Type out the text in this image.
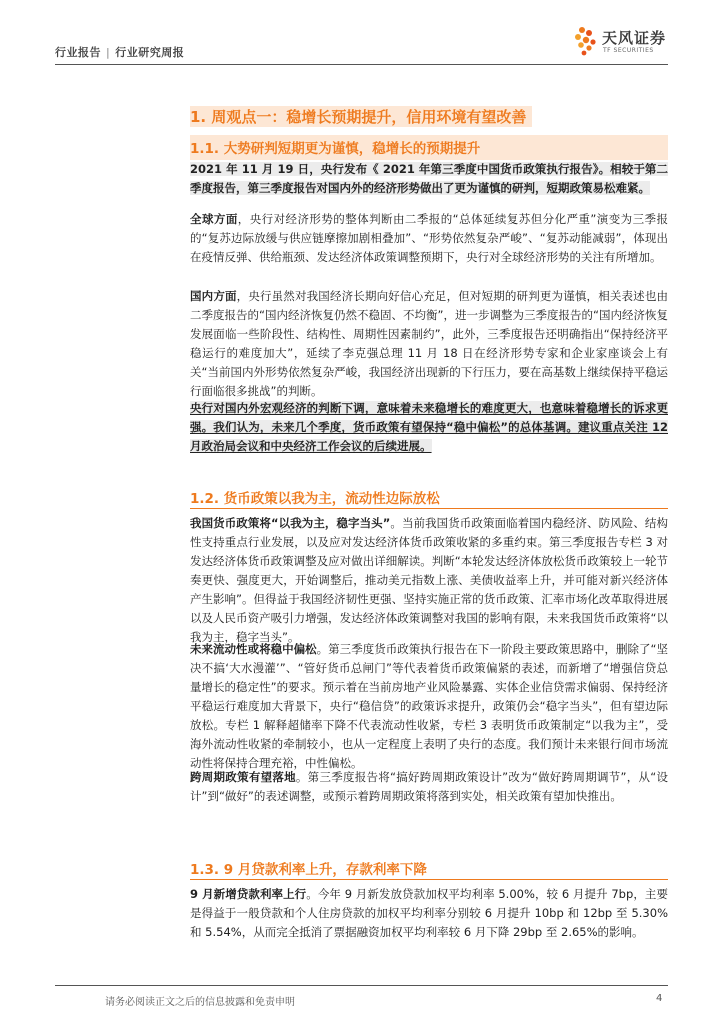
行业报告 | 行业研究周报
天风证券
TF SECURITIES
1. 周观点一：稳增长预期提升，信用环境有望改善
1.1. 大势研判短期更为谨慎，稳增长的预期提升
2021 年 11 月 19 日，央行发布《 2021 年第三季度中国货币政策执行报告》。相较于第二季度报告，第三季度报告对国内外的经济形势做出了更为谨慎的研判，短期政策易松难紧。
全球方面，央行对经济形势的整体判断由二季报的“总体延续复苏但分化严重”演变为三季报的“复苏边际放缓与供应链摩擦加剧相叠加”、“形势依然复杂严峻”、“复苏动能减弱”，体现出在疫情反弹、供给瓶颈、发达经济体政策调整预期下，央行对全球经济形势的关注有所增加。
国内方面，央行虽然对我国经济长期向好信心充足，但对短期的研判更为谨慎，相关表述也由二季度报告的“国内经济恢复仍然不稳固、不均衡”，进一步调整为三季度报告的“国内经济恢复发展面临一些阶段性、结构性、周期性因素制约”，此外，三季度报告还明确指出“保持经济平稳运行的难度加大”，延续了李克强总理 11 月 18 日在经济形势专家和企业家座谈会上有关“当前国内外形势依然复杂严峻，我国经济出现新的下行压力，要在高基数上继续保持平稳运行面临很多挑战”的判断。
央行对国内外宏观经济的判断下调，意味着未来稳增长的难度更大，也意味着稳增长的诉求更强。我们认为，未来几个季度，货币政策有望保持“稳中偏松”的总体基调。建议重点关注 12 月政治局会议和中央经济工作会议的后续进展。
1.2. 货币政策以我为主，流动性边际放松
我国货币政策将“以我为主，稳字当头”。当前我国货币政策面临着国内稳经济、防风险、结构性支持重点行业发展，以及应对发达经济体货币政策收紧的多重约束。第三季度报告专栏 3 对发达经济体货币政策调整及应对做出详细解读。判断“本轮发达经济体放松货币政策较上一轮节奏更快、强度更大，开始调整后，推动美元指数上涨、美债收益率上升，并可能对新兴经济体产生影响”。但得益于我国经济韧性更强、坚持实施正常的货币政策、汇率市场化改革取得进展以及人民币资产吸引力增强，发达经济体政策调整对我国的影响有限，未来我国货币政策将“以我为主，稳字当头”。
未来流动性或将稳中偏松。第三季度货币政策执行报告在下一阶段主要政策思路中，删除了“坚决不搞‘大水漫灌’”、“管好货币总闸门”等代表着货币政策偏紧的表述，而新增了“增强信贷总量增长的稳定性”的要求。预示着在当前房地产业风险暴露、实体企业信贷需求偏弱、保持经济平稳运行难度加大背景下，央行“稳信贷”的政策诉求提升，政策仍会“稳字当头”，但有望边际放松。专栏 1 解释超储率下降不代表流动性收紧，专栏 3 表明货币政策制定“以我为主”，受海外流动性收紧的牵制较小，也从一定程度上表明了央行的态度。我们预计未来银行间市场流动性将保持合理充裕，中性偏松。
跨周期政策有望落地。第三季度报告将“搞好跨周期政策设计”改为“做好跨周期调节”，从“设计”到“做好”的表述调整，或预示着跨周期政策将落到实处，相关政策有望加快推出。
1.3. 9 月贷款利率上升，存款利率下降
9 月新增贷款利率上行。今年 9 月新发放贷款加权平均利率 5.00%，较 6 月提升 7bp，主要是得益于一般贷款和个人住房贷款的加权平均利率分别较 6 月提升 10bp 和 12bp 至 5.30%和 5.54%，从而完全抵消了票据融资加权平均利率较 6 月下降 29bp 至 2.65%的影响。
请务必阅读正文之后的信息披露和免责申明	4
